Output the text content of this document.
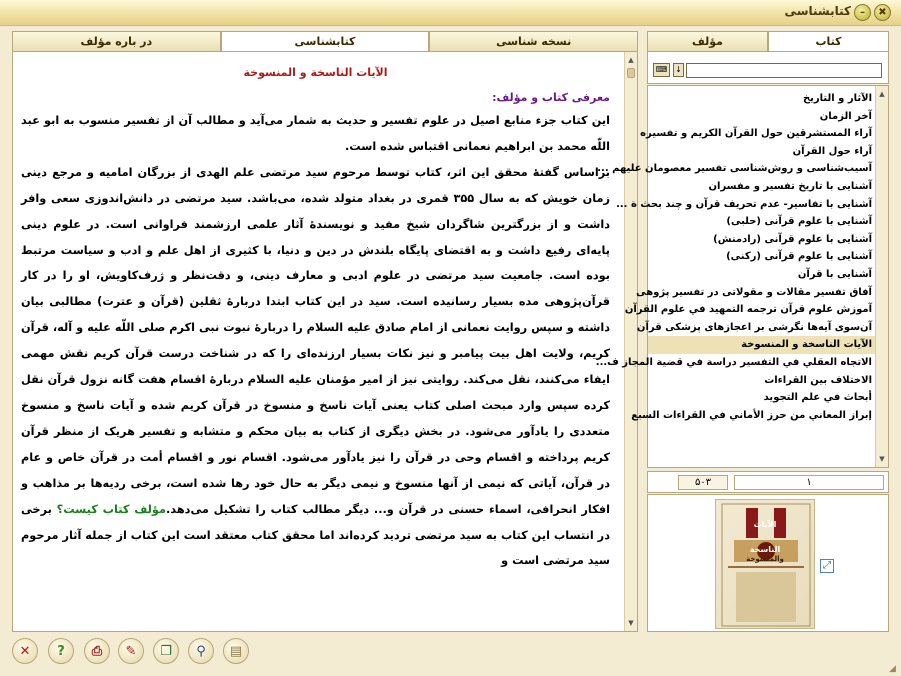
کتابشناسی –	✖
در باره مؤلف	کتابشناسی	نسخه شناسی	مؤلف	کتاب
الآيات الناسخة و المنسوخة
معرفی کتاب و مؤلف:

این کتاب جزء منابع اصیل در علوم تفسیر و حدیث به شمار می‌آید و مطالب آن از تفسیر منسوب به ابو عبد اللّه محمد بن ابراهیم نعمانی اقتباس شده است.

براساس گفتۀ محقق این اثر، کتاب توسط مرحوم سید مرتضی علم الهدی از بزرگان امامیه و مرجع دینی زمان خویش که به سال ۳۵۵ قمری در بغداد متولد شده، می‌باشد. سید مرتضی در دانش‌اندوزی سعی وافر داشت و از بزرگترین شاگردان شیخ مفید و نویسندۀ آثار علمی ارزشمند فراوانی است. در علوم دینی پایه‌ای رفیع داشت و به اقتضای پایگاه بلندش در دین و دنیا، با کثیری از اهل علم و ادب و سیاست مرتبط بوده است. جامعیت سید مرتضی در علوم ادبی و معارف دینی، و دقت‌نظر و ژرف‌کاویش، او را در کار قرآن‌پژوهی مده بسیار رسانیده است. سید در این کتاب ابتدا دربارۀ ثقلین (قرآن و عترت) مطالبی بیان داشته و سپس روایت نعمانی از امام صادق علیه السلام را دربارۀ نبوت نبی اکرم صلی اللّه علیه و آله، قرآن کریم، ولایت اهل بیت پیامبر و نیز نکات بسیار ارزنده‌ای را که در شناخت درست قرآن کریم نقش مهمی ایفاء می‌کنند، نقل می‌کند. روایتی نیز از امیر مؤمنان علیه السلام دربارۀ اقسام هفت گانه نزول قرآن نقل کرده سپس وارد مبحث اصلی کتاب یعنی آیات ناسخ و منسوخ در قرآن کریم شده و آیات ناسخ و منسوخ متعددی را یادآور می‌شود. در بخش دیگری از کتاب به بیان محکم و متشابه و تفسیر هریک از منظر قرآن کریم پرداخته و اقسام وحی در قرآن را نیز یادآور می‌شود. اقسام نور و اقسام أمت در قرآن خاص و عام در قرآن، آیاتی که نیمی از آنها منسوخ و نیمی دیگر به حال خود رها شده است، برخی ردیه‌ها بر مذاهب و افکار انحرافی، اسماء حسنی در قرآن و... دیگر مطالب کتاب را تشکیل می‌دهد.مؤلف کتاب کیست؟ برخی در انتساب این کتاب به سید مرتضی تردید کرده‌اند اما محقق کتاب معتقد است این کتاب از جمله آثار مرحوم سید مرتضی است و

▲
▼
⌨ ↓
الآثار و التاريخ
آخر الزمان
آراء المستشرقين حول القرآن الكريم و تفسيره
آراء حول القرآن
آسیب‌شناسی و روش‌شناسی تفسیر معصومان علیهم ...
آشنایی با تاریخ تفسیر و مفسران
آشنایی با تفاسیر- عدم تحریف قرآن و چند بحث ة ...
آشنایی با علوم قرآنی (حلبی)
آشنایی با علوم قرآنی (رادمنش)
آشنایی با علوم قرآنی (رکنی)
آشنایی با قرآن
آفاق تفسیر مقالات و مقولاتی در تفسیر پژوهی
آموزش علوم قرآن ترجمه التمهید في علوم القرآن
آن‌سوی آیه‌ها نگرشی بر اعجازهای پزشکی قرآن
الآيات الناسخة و المنسوخة
الاتجاه العقلي في التفسير دراسة في قضية المجاز ف...
الاختلاف بين القراءات
أبحاث في علم التجويد
إبراز المعاني من حرز الأماني في القراءات السبع
▲
▼
۵۰۳	۱
الآيات
الناسخة
والمنسوخة
⤢
✕	?	⎙	✎	❐	⚲	▤
◢
